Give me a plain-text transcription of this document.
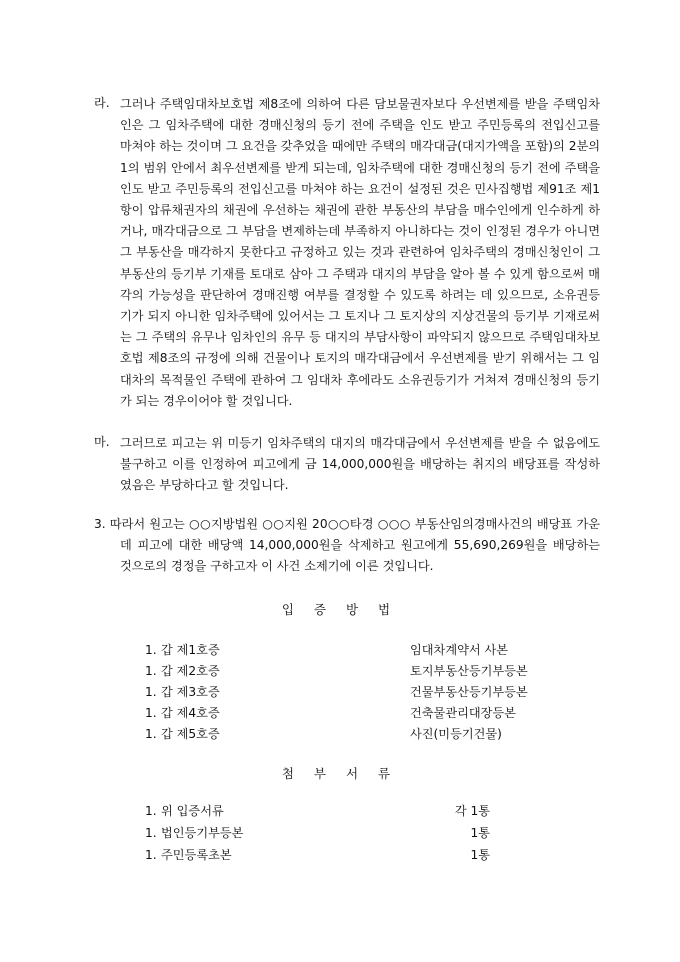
라. 그러나 주택임대차보호법 제8조에 의하여 다른 담보물권자보다 우선변제를 받을 주택임차인은 그 임차주택에 대한 경매신청의 등기 전에 주택을 인도 받고 주민등록의 전입신고를 마쳐야 하는 것이며 그 요건을 갖추었을 때에만 주택의 매각대금(대지가액을 포함)의 2분의 1의 범위 안에서 최우선변제를 받게 되는데, 임차주택에 대한 경매신청의 등기 전에 주택을 인도 받고 주민등록의 전입신고를 마쳐야 하는 요건이 설정된 것은 민사집행법 제91조 제1항이 압류채권자의 채권에 우선하는 채권에 관한 부동산의 부담을 매수인에게 인수하게 하거나, 매각대금으로 그 부담을 변제하는데 부족하지 아니하다는 것이 인정된 경우가 아니면 그 부동산을 매각하지 못한다고 규정하고 있는 것과 관련하여 임차주택의 경매신청인이 그 부동산의 등기부 기재를 토대로 삼아 그 주택과 대지의 부담을 알아 볼 수 있게 함으로써 매각의 가능성을 판단하여 경매진행 여부를 결정할 수 있도록 하려는 데 있으므로, 소유권등기가 되지 아니한 임차주택에 있어서는 그 토지나 그 토지상의 지상건물의 등기부 기재로써는 그 주택의 유무나 임차인의 유무 등 대지의 부담사항이 파악되지 않으므로 주택임대차보호법 제8조의 규정에 의해 건물이나 토지의 매각대금에서 우선변제를 받기 위해서는 그 임대차의 목적물인 주택에 관하여 그 임대차 후에라도 소유권등기가 거쳐져 경매신청의 등기가 되는 경우이어야 할 것입니다.

마. 그러므로 피고는 위 미등기 임차주택의 대지의 매각대금에서 우선변제를 받을 수 없음에도 불구하고 이를 인정하여 피고에게 금 14,000,000원을 배당하는 취지의 배당표를 작성하였음은 부당하다고 할 것입니다.

3. 따라서 원고는 ○○지방법원 ○○지원 20○○타경 ○○○ 부동산임의경매사건의 배당표 가운데 피고에 대한 배당액 14,000,000원을 삭제하고 원고에게 55,690,269원을 배당하는 것으로의 경정을 구하고자 이 사건 소제기에 이른 것입니다.

입 증 방 법
1. 갑 제1호증	임대차계약서 사본
1. 갑 제2호증	토지부동산등기부등본
1. 갑 제3호증	건물부동산등기부등본
1. 갑 제4호증	건축물관리대장등본
1. 갑 제5호증	사진(미등기건물)
첨 부 서 류
1. 위 입증서류	각 1통
1. 법인등기부등본	1통
1. 주민등록초본	1통
